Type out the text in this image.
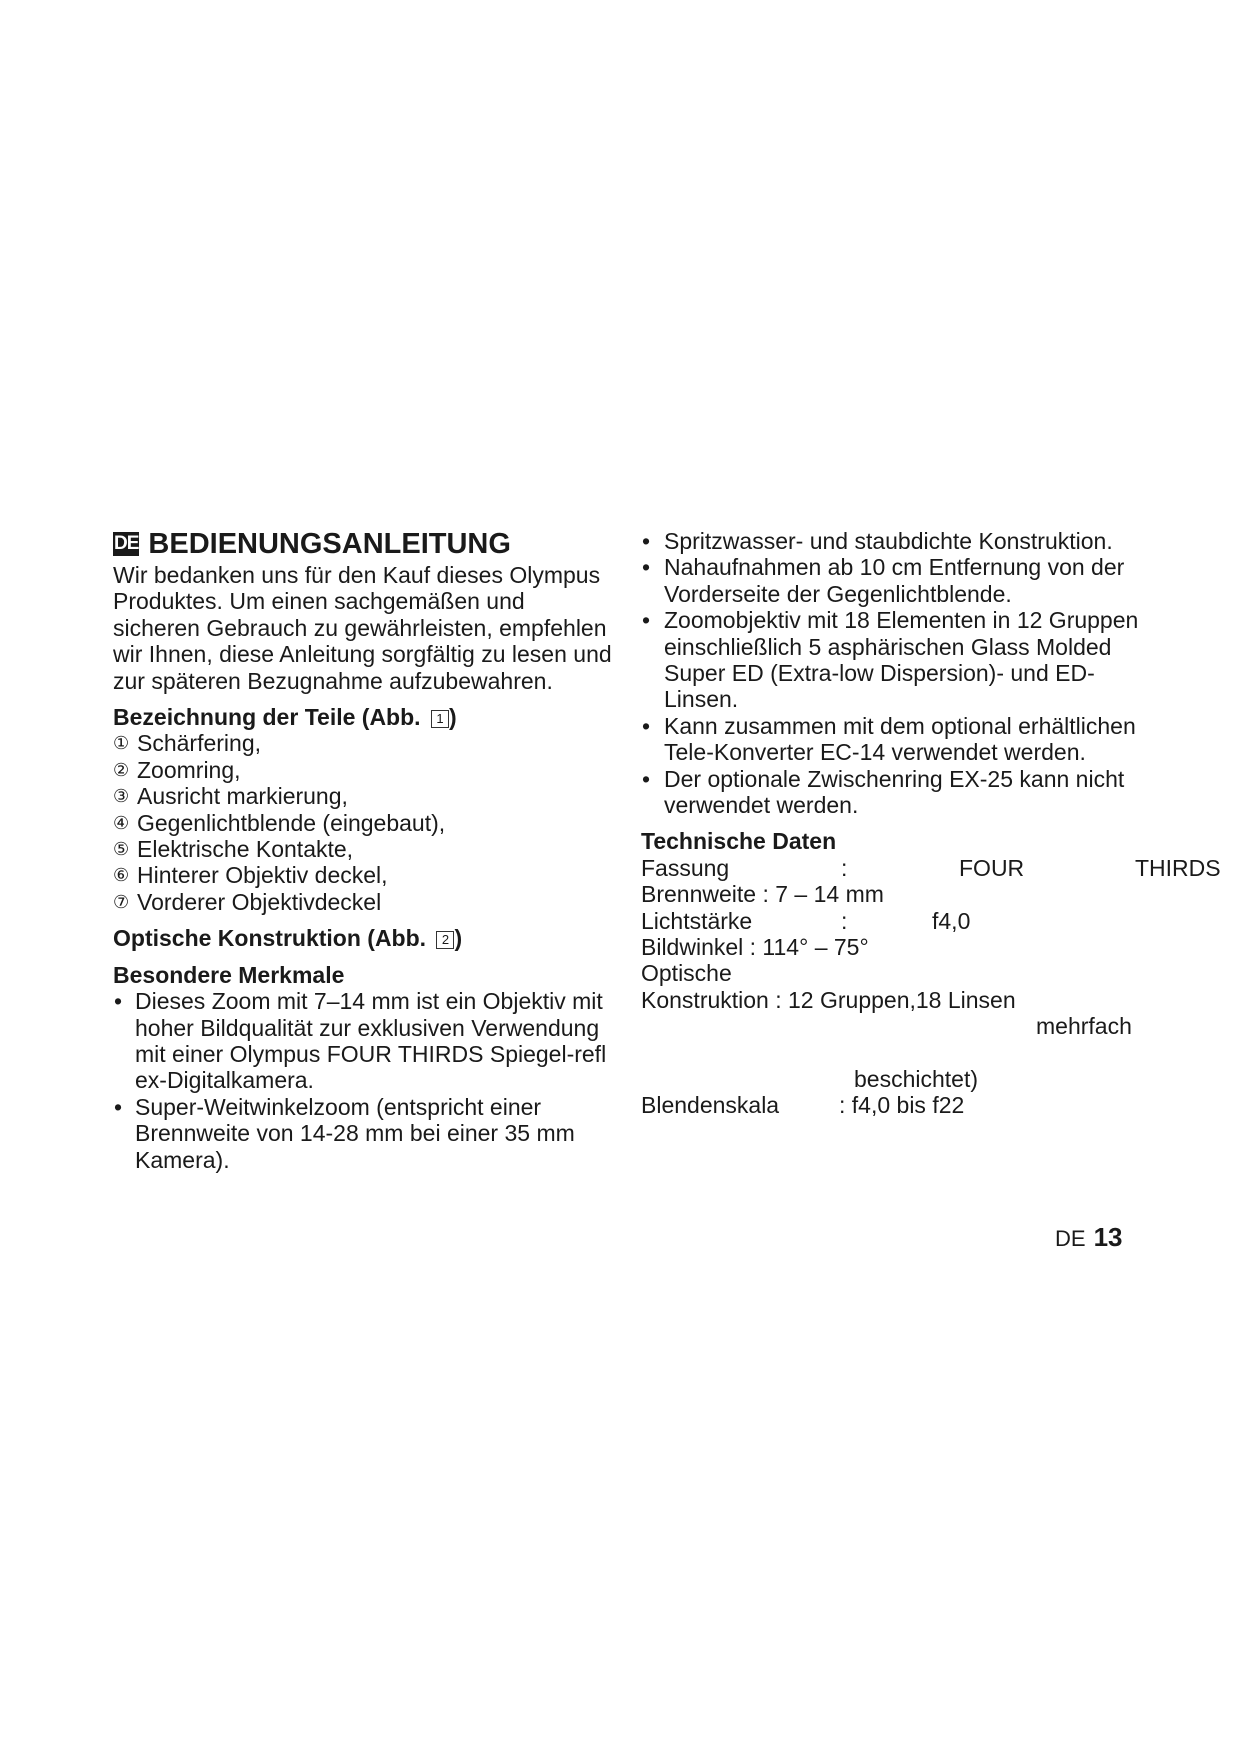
DE BEDIENUNGSANLEITUNG

Wir bedanken uns für den Kauf dieses Olympus Produktes. Um einen sachgemäßen und sicheren Gebrauch zu gewährleisten, empfehlen wir Ihnen, diese Anleitung sorgfältig zu lesen und zur späteren Bezugnahme aufzubewahren.

Bezeichnung der Teile (Abb. 1 )
① Schärfering,
② Zoomring,
③ Ausricht markierung,
④ Gegenlichtblende (eingebaut),
⑤ Elektrische Kontakte,
⑥ Hinterer Objektiv deckel,
⑦ Vorderer Objektivdeckel
Optische Konstruktion (Abb. 2 )
Besondere Merkmale
• Dieses Zoom mit 7–14 mm ist ein Objektiv mit hoher Bildqualität zur exklusiven Verwendung mit einer Olympus FOUR THIRDS Spiegel-refl ex-Digitalkamera.
• Super-Weitwinkelzoom (entspricht einer Brennweite von 14-28 mm bei einer 35 mm Kamera).
• Spritzwasser- und staubdichte Konstruktion.
• Nahaufnahmen ab 10 cm Entfernung von der Vorderseite der Gegenlichtblende.
• Zoomobjektiv mit 18 Elementen in 12 Gruppen einschließlich 5 asphärischen Glass Molded Super ED (Extra-low Dispersion)- und ED-Linsen.
• Kann zusammen mit dem optional erhältlichen Tele-Konverter EC-14 verwendet werden.
• Der optionale Zwischenring EX-25 kann nicht verwendet werden.
Technische Daten
Fassung	:	FOUR	THIRDS
Brennweite : 7 – 14 mm
Lichtstärke	:	f4,0
Bildwinkel : 114° – 75°
Optische
Konstruktion : 12 Gruppen,18 Linsen
mehrfach
beschichtet)
Blendenskala	: f4,0 bis f22
DE 13
